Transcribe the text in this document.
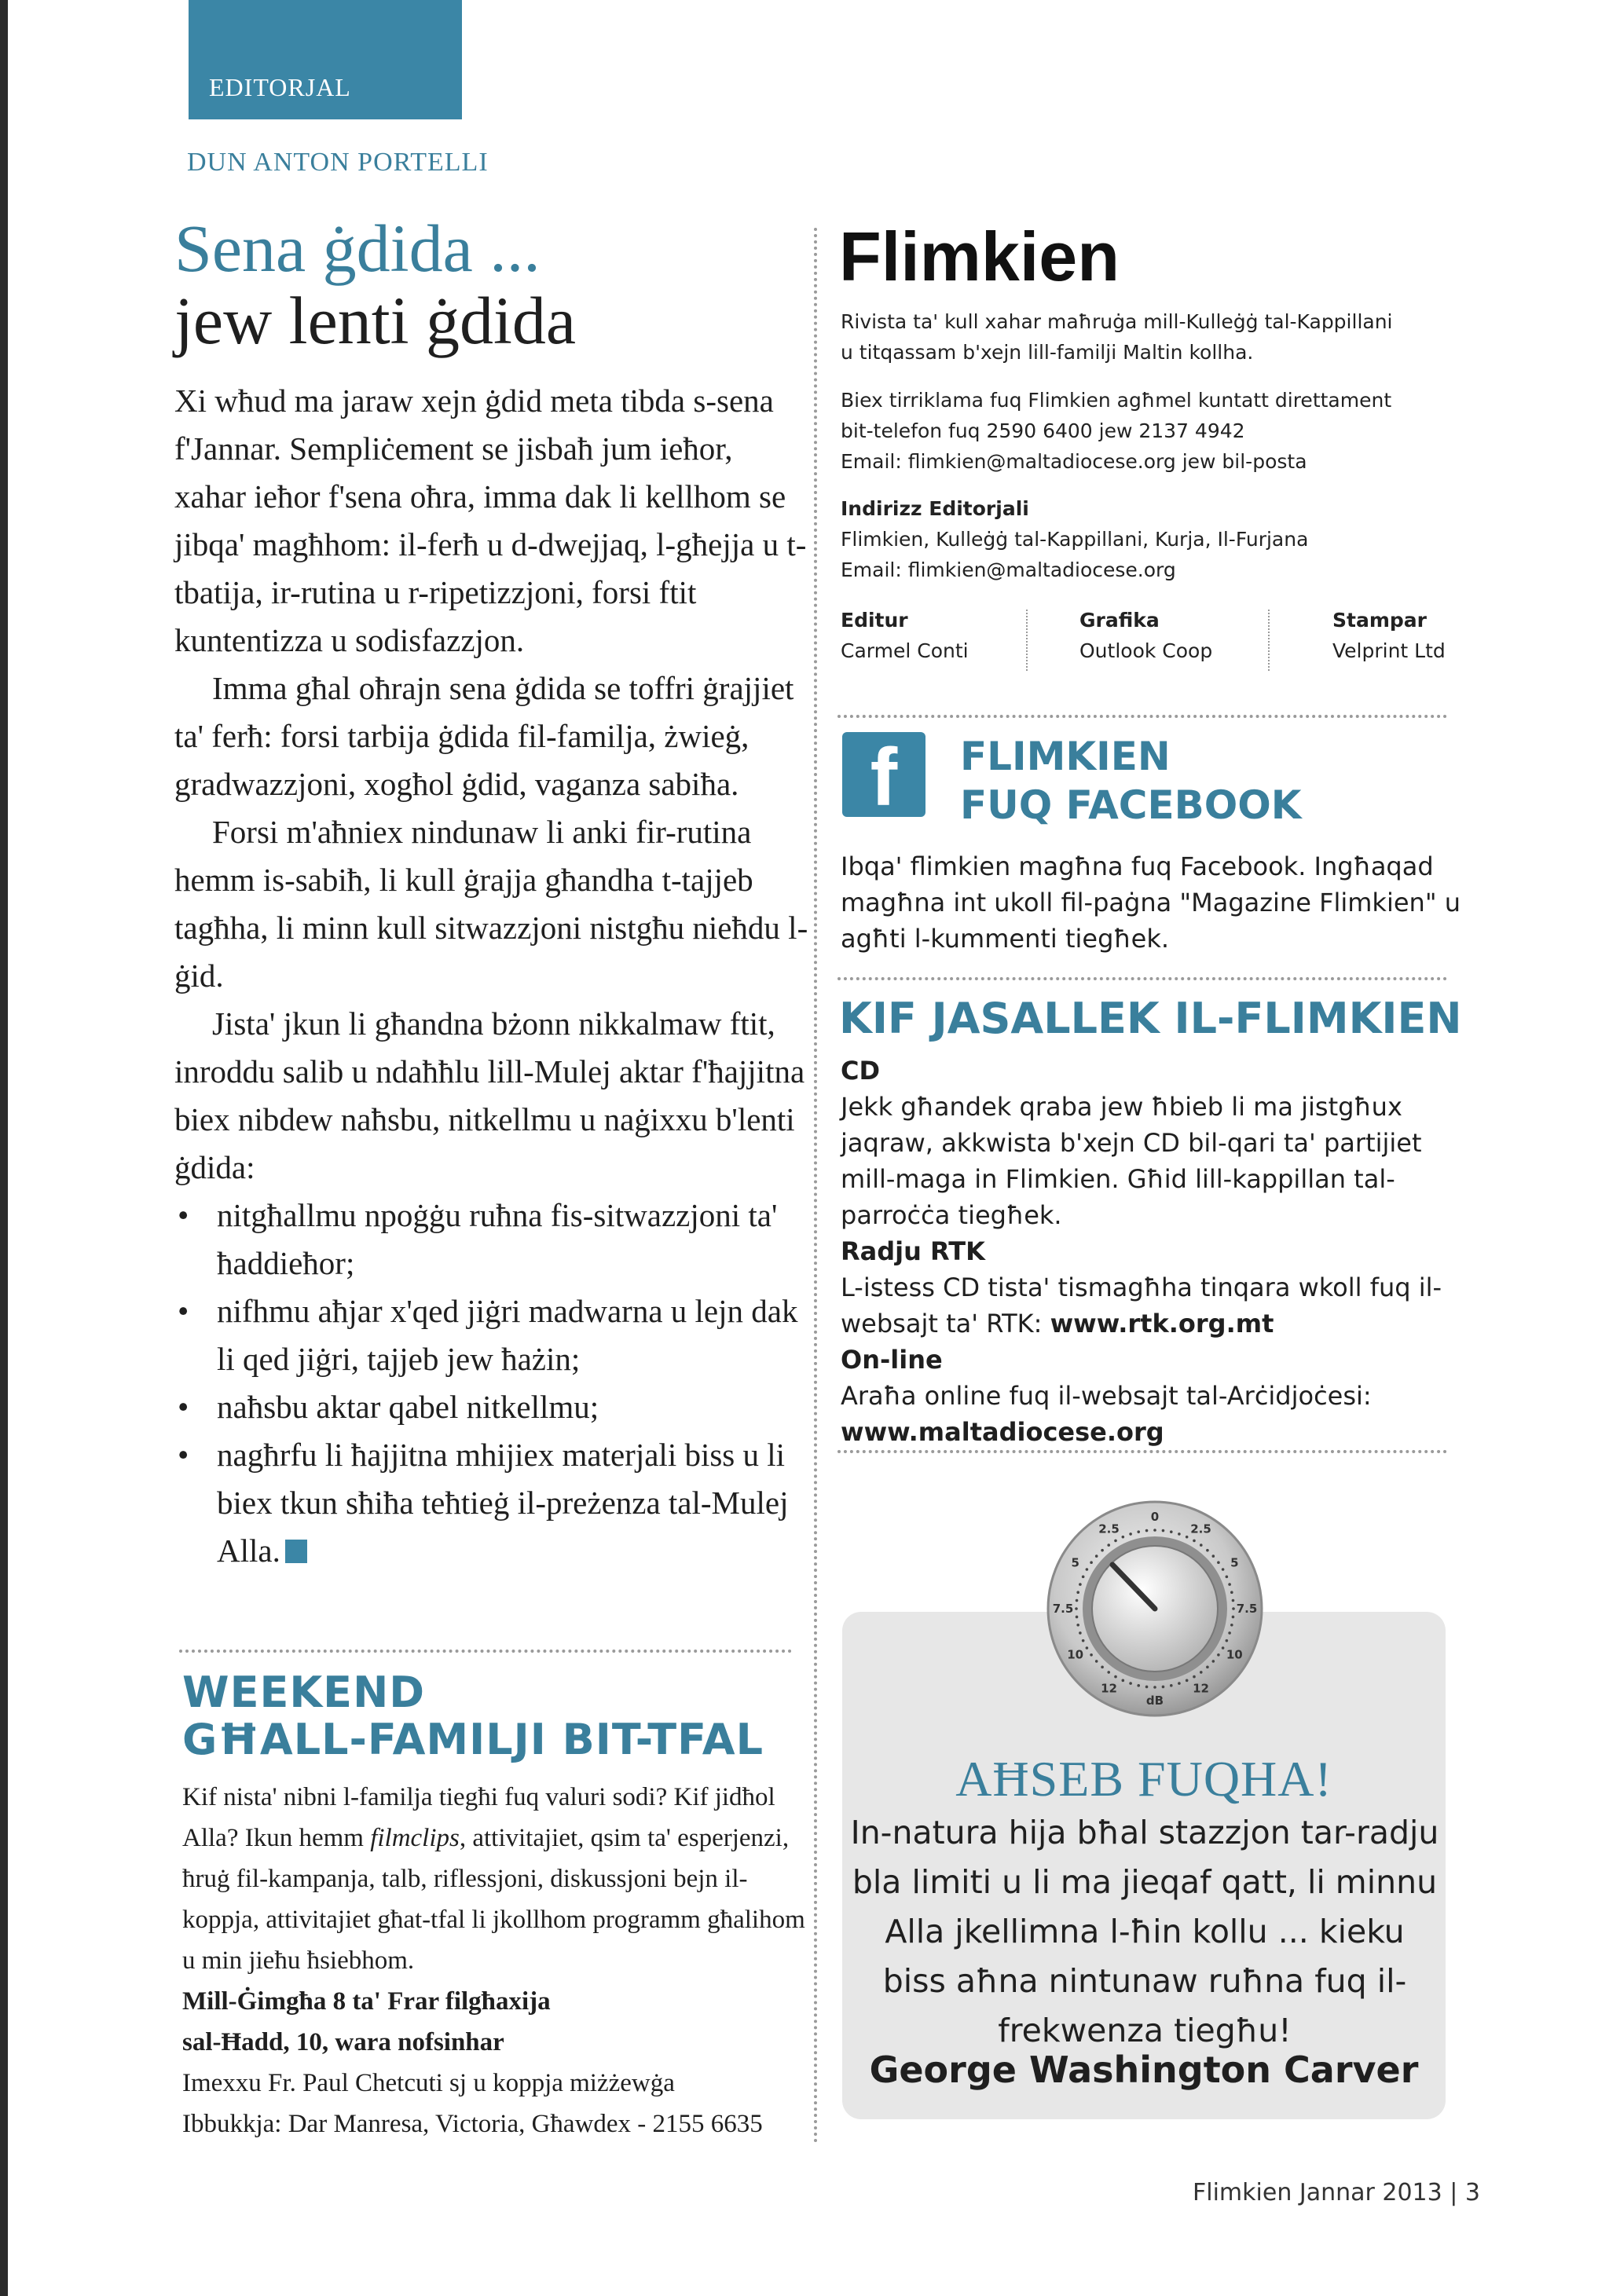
EDITORJAL
DUN ANTON PORTELLI
Sena ġdida ...
jew lenti ġdida

Xi wħud ma jaraw xejn ġdid meta tibda s-sena f'Jannar. Sempliċement se jisbaħ jum ieħor, xahar ieħor f'sena oħra, imma dak li kellhom se jibqa' magħhom: il-ferħ u d-dwejjaq, l-għejja u t-tbatija, ir-rutina u r-ripetizzjoni, forsi ftit kuntentizza u sodisfazzjon.

Imma għal oħrajn sena ġdida se toffri ġrajjiet ta' ferħ: forsi tarbija ġdida fil-familja, żwieġ, gradwazzjoni, xogħol ġdid, vaganza sabiħa.

Forsi m'aħniex nindunaw li anki fir-rutina hemm is-sabiħ, li kull ġrajja għandha t-tajjeb tagħha, li minn kull sitwazzjoni nistgħu nieħdu l-ġid.

Jista' jkun li għandna bżonn nikkalmaw ftit, inroddu salib u ndaħħlu lill-Mulej aktar f'ħajjitna biex nibdew naħsbu, nitkellmu u naġixxu b'lenti ġdida:

• nitgħallmu npoġġu ruħna fis-sitwazzjoni ta' ħaddieħor;
• nifhmu aħjar x'qed jiġri madwarna u lejn dak li qed jiġri, tajjeb jew ħażin;
• naħsbu aktar qabel nitkellmu;
• nagħrfu li ħajjitna mhijiex materjali biss u li biex tkun sħiħa teħtieġ il-preżenza tal-Mulej Alla.
WEEKEND
GĦALL-FAMILJI BIT-TFAL

Kif nista' nibni l-familja tiegħi fuq valuri sodi? Kif jidħol Alla? Ikun hemm filmclips, attivitajiet, qsim ta' esperjenzi, ħruġ fil-kampanja, talb, riflessjoni, diskussjoni bejn il-koppja, attivitajiet għat-tfal li jkollhom programm għalihom u min jieħu ħsiebhom.

Mill-Ġimgħa 8 ta' Frar filgħaxija

sal-Ħadd, 10, wara nofsinhar

Imexxu Fr. Paul Chetcuti sj u koppja miżżewġa

Ibbukkja: Dar Manresa, Victoria, Għawdex - 2155 6635

Flimkien
Rivista ta' kull xahar maħruġa mill-Kulleġġ tal-Kappillani u titqassam b'xejn lill-familji Maltin kollha.
Biex tirriklama fuq Flimkien agħmel kuntatt direttament
bit-telefon fuq 2590 6400 jew 2137 4942
Email: flimkien@maltadiocese.org jew bil-posta
Indirizz Editorjali
Flimkien, Kulleġġ tal-Kappillani, Kurja, Il-Furjana
Email: flimkien@maltadiocese.org
Editur
Carmel Conti
Grafika
Outlook Coop
Stampar
Velprint Ltd
f	FLIMKIEN
FUQ FACEBOOK
Ibqa' flimkien magħna fuq Facebook. Ingħaqad magħna int ukoll fil-paġna "Magazine Flimkien" u agħti l-kummenti tiegħek.
KIF JASALLEK IL-FLIMKIEN

CD

Jekk għandek qraba jew ħbieb li ma jistgħux jaqraw, akkwista b'xejn CD bil-qari ta' partijiet mill-maga in Flimkien. Għid lill-kappillan tal-parroċċa tiegħek.

Radju RTK

L-istess CD tista' tismagħha tinqara wkoll fuq il-websajt ta' RTK: www.rtk.org.mt

On-line

Araħa online fuq il-websajt tal-Arċidjoċesi:

www.maltadiocese.org

0
2.5
5
7.5
10
12
dB
12
10
7.5
5
2.5
AĦSEB FUQHA!
In-natura hija bħal stazzjon tar-radju bla limiti u li ma jieqaf qatt, li minnu Alla jkellimna l-ħin kollu ... kieku biss aħna nintunaw ruħna fuq il-frekwenza tiegħu!
George Washington Carver
Flimkien Jannar 2013 | 3
